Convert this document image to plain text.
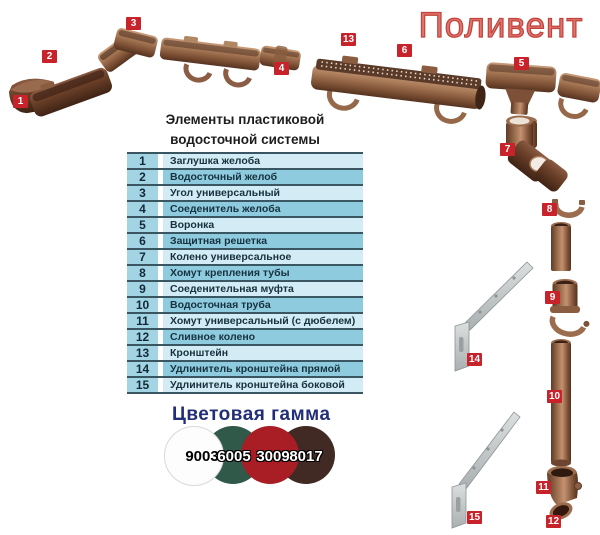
Поливент
1
2
3
4	5
6
7
8
9
10
11
12
13
14
15
Элементы пластиковой
водосточной системы
1	Заглушка желоба
2	Водосточный желоб
3	Угол универсальный
4	Соеденитель желоба
5	Воронка
6	Защитная решетка
7	Колено универсальное
8	Хомут крепления тубы
9	Соеденительная муфта
10	Водосточная труба
11	Хомут универсальный (с дюбелем)
12	Сливное колено
13	Кронштейн
14	Удлинитель кронштейна прямой
15	Удлинитель кронштейна боковой
Цветовая гамма
9003
6005 3009 8017
